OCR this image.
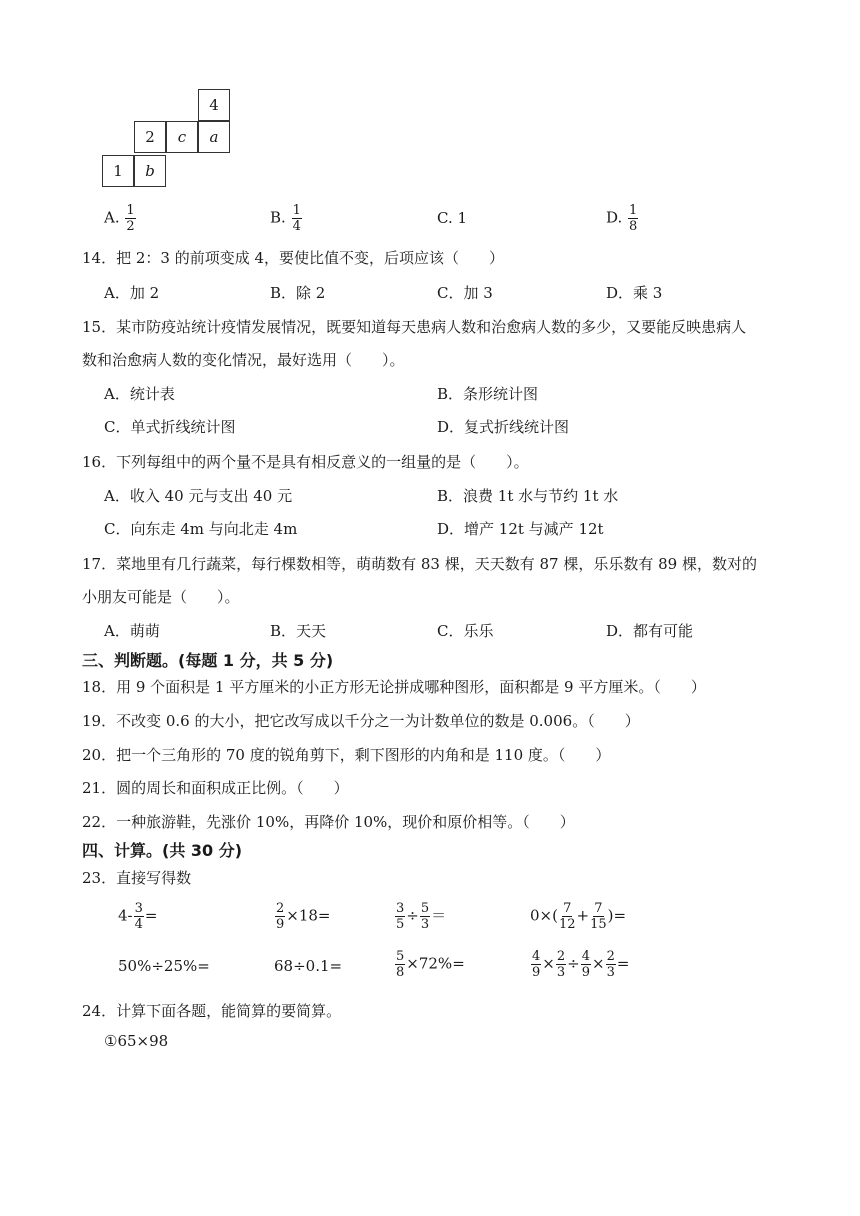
4
2 c a
1 b
A. $\frac{1}{2}$	B. $\frac{1}{4}$	C. 1	D. $\frac{1}{8}$
14．把 2：3 的前项变成 4，要使比值不变，后项应该（　　）
A．加 2	B．除 2	C．加 3	D．乘 3
15．某市防疫站统计疫情发展情况，既要知道每天患病人数和治愈病人数的多少，又要能反映患病人
数和治愈病人数的变化情况，最好选用（　　）。
A．统计表	B．条形统计图
C．单式折线统计图	D．复式折线统计图
16．下列每组中的两个量不是具有相反意义的一组量的是（　　）。
A．收入 40 元与支出 40 元	B．浪费 1t 水与节约 1t 水
C．向东走 4m 与向北走 4m	D．增产 12t 与减产 12t
17．菜地里有几行蔬菜，每行棵数相等，萌萌数有 83 棵，天天数有 87 棵，乐乐数有 89 棵，数对的
小朋友可能是（　　）。
A．萌萌	B．天天	C．乐乐	D．都有可能
三、判断题。(每题 1 分，共 5 分)
18．用 9 个面积是 1 平方厘米的小正方形无论拼成哪种图形，面积都是 9 平方厘米。（　　）
19．不改变 0.6 的大小，把它改写成以千分之一为计数单位的数是 0.006。（　　）
20．把一个三角形的 70 度的锐角剪下，剩下图形的内角和是 110 度。（　　）
21．圆的周长和面积成正比例。（　　）
22．一种旅游鞋，先涨价 10%，再降价 10%，现价和原价相等。（　　）
四、计算。(共 30 分)
23．直接写得数
$4- \frac{3}{4}$ =	$\frac{2}{9} \times 18=$	$\frac{3}{5} \div \frac{5}{3}$ ＝	$0\times( \frac{7}{12} + \frac{7}{15}$ )=
50%÷25%=	68÷0.1=	$\frac{5}{8} \times 72\%=$	$\frac{4}{9} \times \frac{2}{3} \div \frac{4}{9} \times \frac{2}{3}$ =
24．计算下面各题，能简算的要简算。
①65×98
